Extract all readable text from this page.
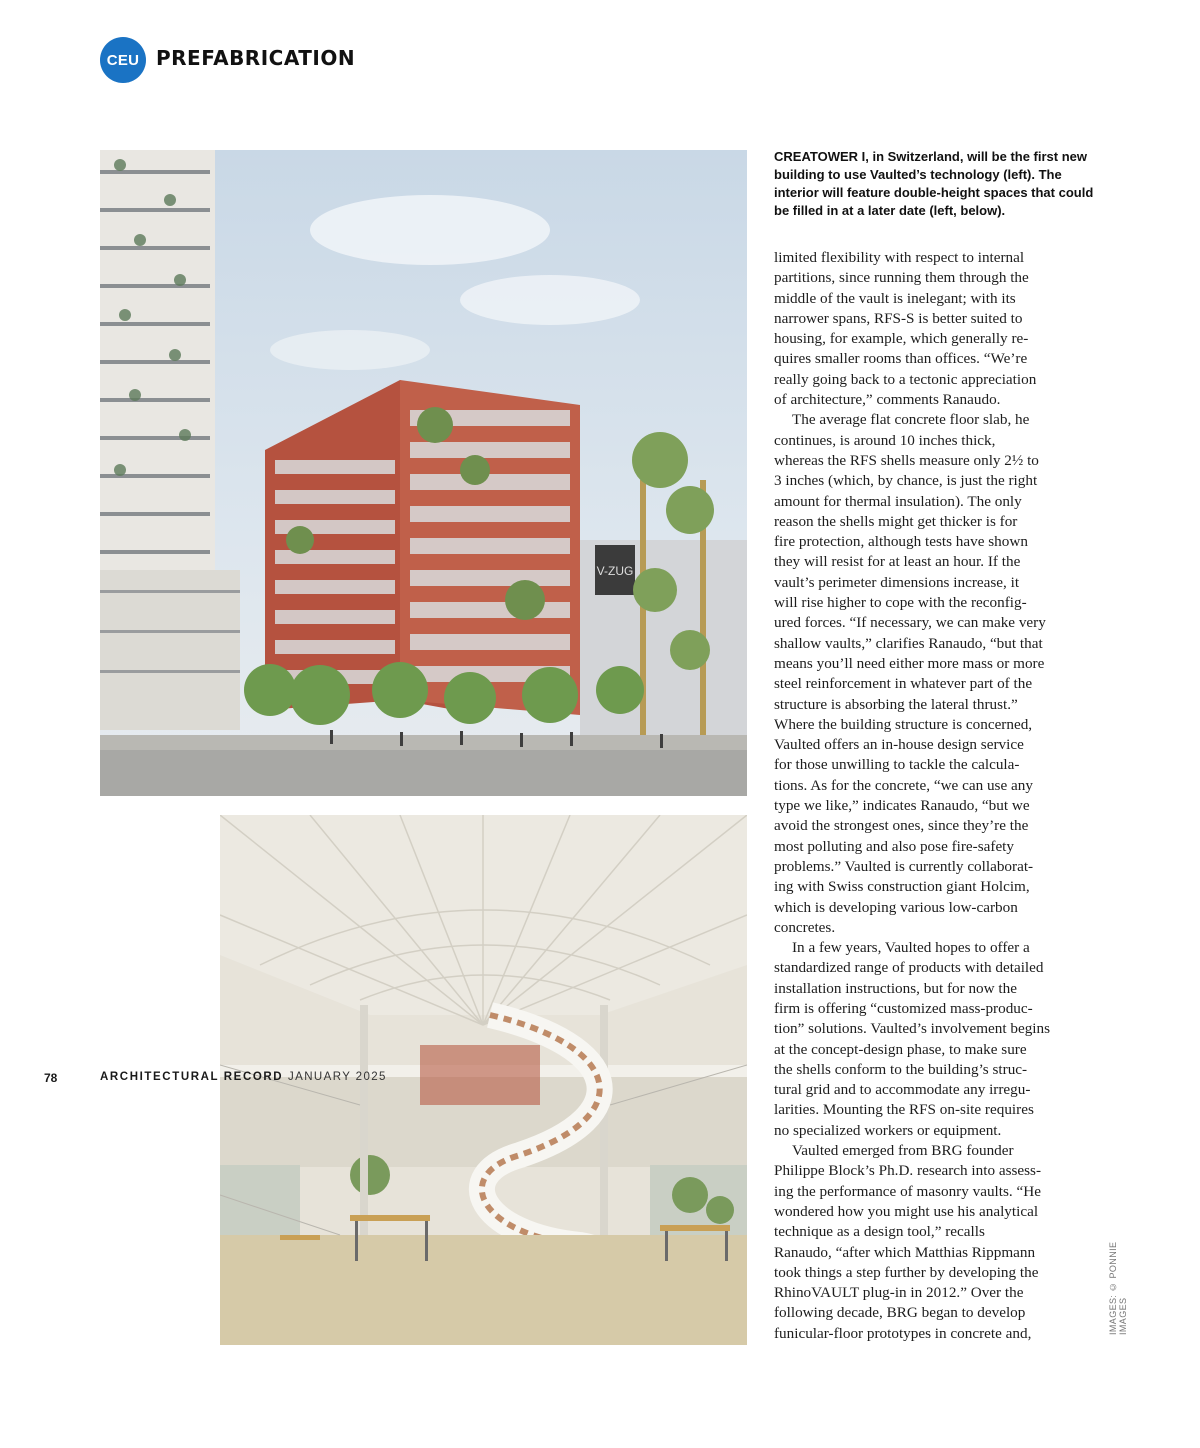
CEU PREFABRICATION
V-ZUG
CREATOWER I, in Switzerland, will be the first new building to use Vaulted’s technology (left). The interior will feature double-height spaces that could be filled in at a later date (left, below).
limited flexibility with respect to internal
partitions, since running them through the
middle of the vault is inelegant; with its
narrower spans, RFS-S is better suited to
housing, for example, which generally re-
quires smaller rooms than offices. “We’re
really going back to a tectonic appreciation
of architecture,” comments Ranaudo.
The average flat concrete floor slab, he
continues, is around 10 inches thick,
whereas the RFS shells measure only 2½ to
3 inches (which, by chance, is just the right
amount for thermal insulation). The only
reason the shells might get thicker is for
fire protection, although tests have shown
they will resist for at least an hour. If the
vault’s perimeter dimensions increase, it
will rise higher to cope with the reconfig-
ured forces. “If necessary, we can make very
shallow vaults,” clarifies Ranaudo, “but that
means you’ll need either more mass or more
steel reinforcement in whatever part of the
structure is absorbing the lateral thrust.”
Where the building structure is concerned,
Vaulted offers an in-house design service
for those unwilling to tackle the calcula-
tions. As for the concrete, “we can use any
type we like,” indicates Ranaudo, “but we
avoid the strongest ones, since they’re the
most polluting and also pose fire-safety
problems.” Vaulted is currently collaborat-
ing with Swiss construction giant Holcim,
which is developing various low-carbon
concretes.
In a few years, Vaulted hopes to offer a
standardized range of products with detailed
installation instructions, but for now the
firm is offering “customized mass-produc-
tion” solutions. Vaulted’s involvement begins
at the concept-design phase, to make sure
the shells conform to the building’s struc-
tural grid and to accommodate any irregu-
larities. Mounting the RFS on-site requires
no specialized workers or equipment.
Vaulted emerged from BRG founder
Philippe Block’s Ph.D. research into assess-
ing the performance of masonry vaults. “He
wondered how you might use his analytical
technique as a design tool,” recalls
Ranaudo, “after which Matthias Rippmann
took things a step further by developing the
RhinoVAULT plug-in in 2012.” Over the
following decade, BRG began to develop
funicular-floor prototypes in concrete and,	IMAGES: © PONNIE IMAGES
78	ARCHITECTURAL RECORD JANUARY 2025
